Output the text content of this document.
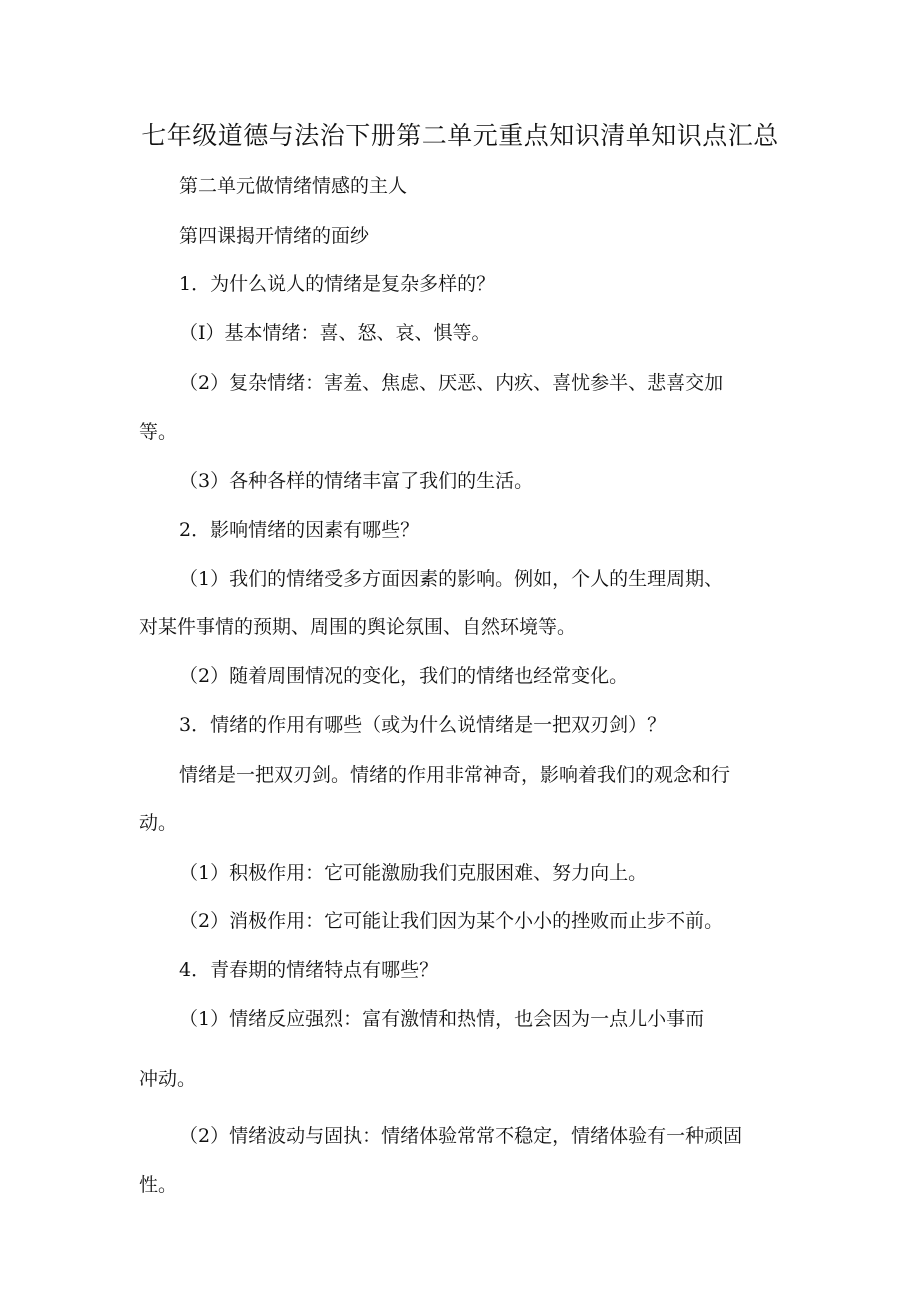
七年级道德与法治下册第二单元重点知识清单知识点汇总

第二单元做情绪情感的主人

第四课揭开情绪的面纱

1．为什么说人的情绪是复杂多样的？

（I）基本情绪：喜、怒、哀、惧等。

（2）复杂情绪：害羞、焦虑、厌恶、内疚、喜忧参半、悲喜交加

等。

（3）各种各样的情绪丰富了我们的生活。

2．影响情绪的因素有哪些？

（1）我们的情绪受多方面因素的影响。例如，个人的生理周期、

对某件事情的预期、周围的舆论氛围、自然环境等。

（2）随着周围情况的变化，我们的情绪也经常变化。

3．情绪的作用有哪些（或为什么说情绪是一把双刃剑）？

情绪是一把双刃剑。情绪的作用非常神奇，影响着我们的观念和行

动。

（1）积极作用：它可能激励我们克服困难、努力向上。

（2）消极作用：它可能让我们因为某个小小的挫败而止步不前。

4．青春期的情绪特点有哪些？

（1）情绪反应强烈：富有激情和热情，也会因为一点儿小事而

冲动。

（2）情绪波动与固执：情绪体验常常不稳定，情绪体验有一种顽固

性。
